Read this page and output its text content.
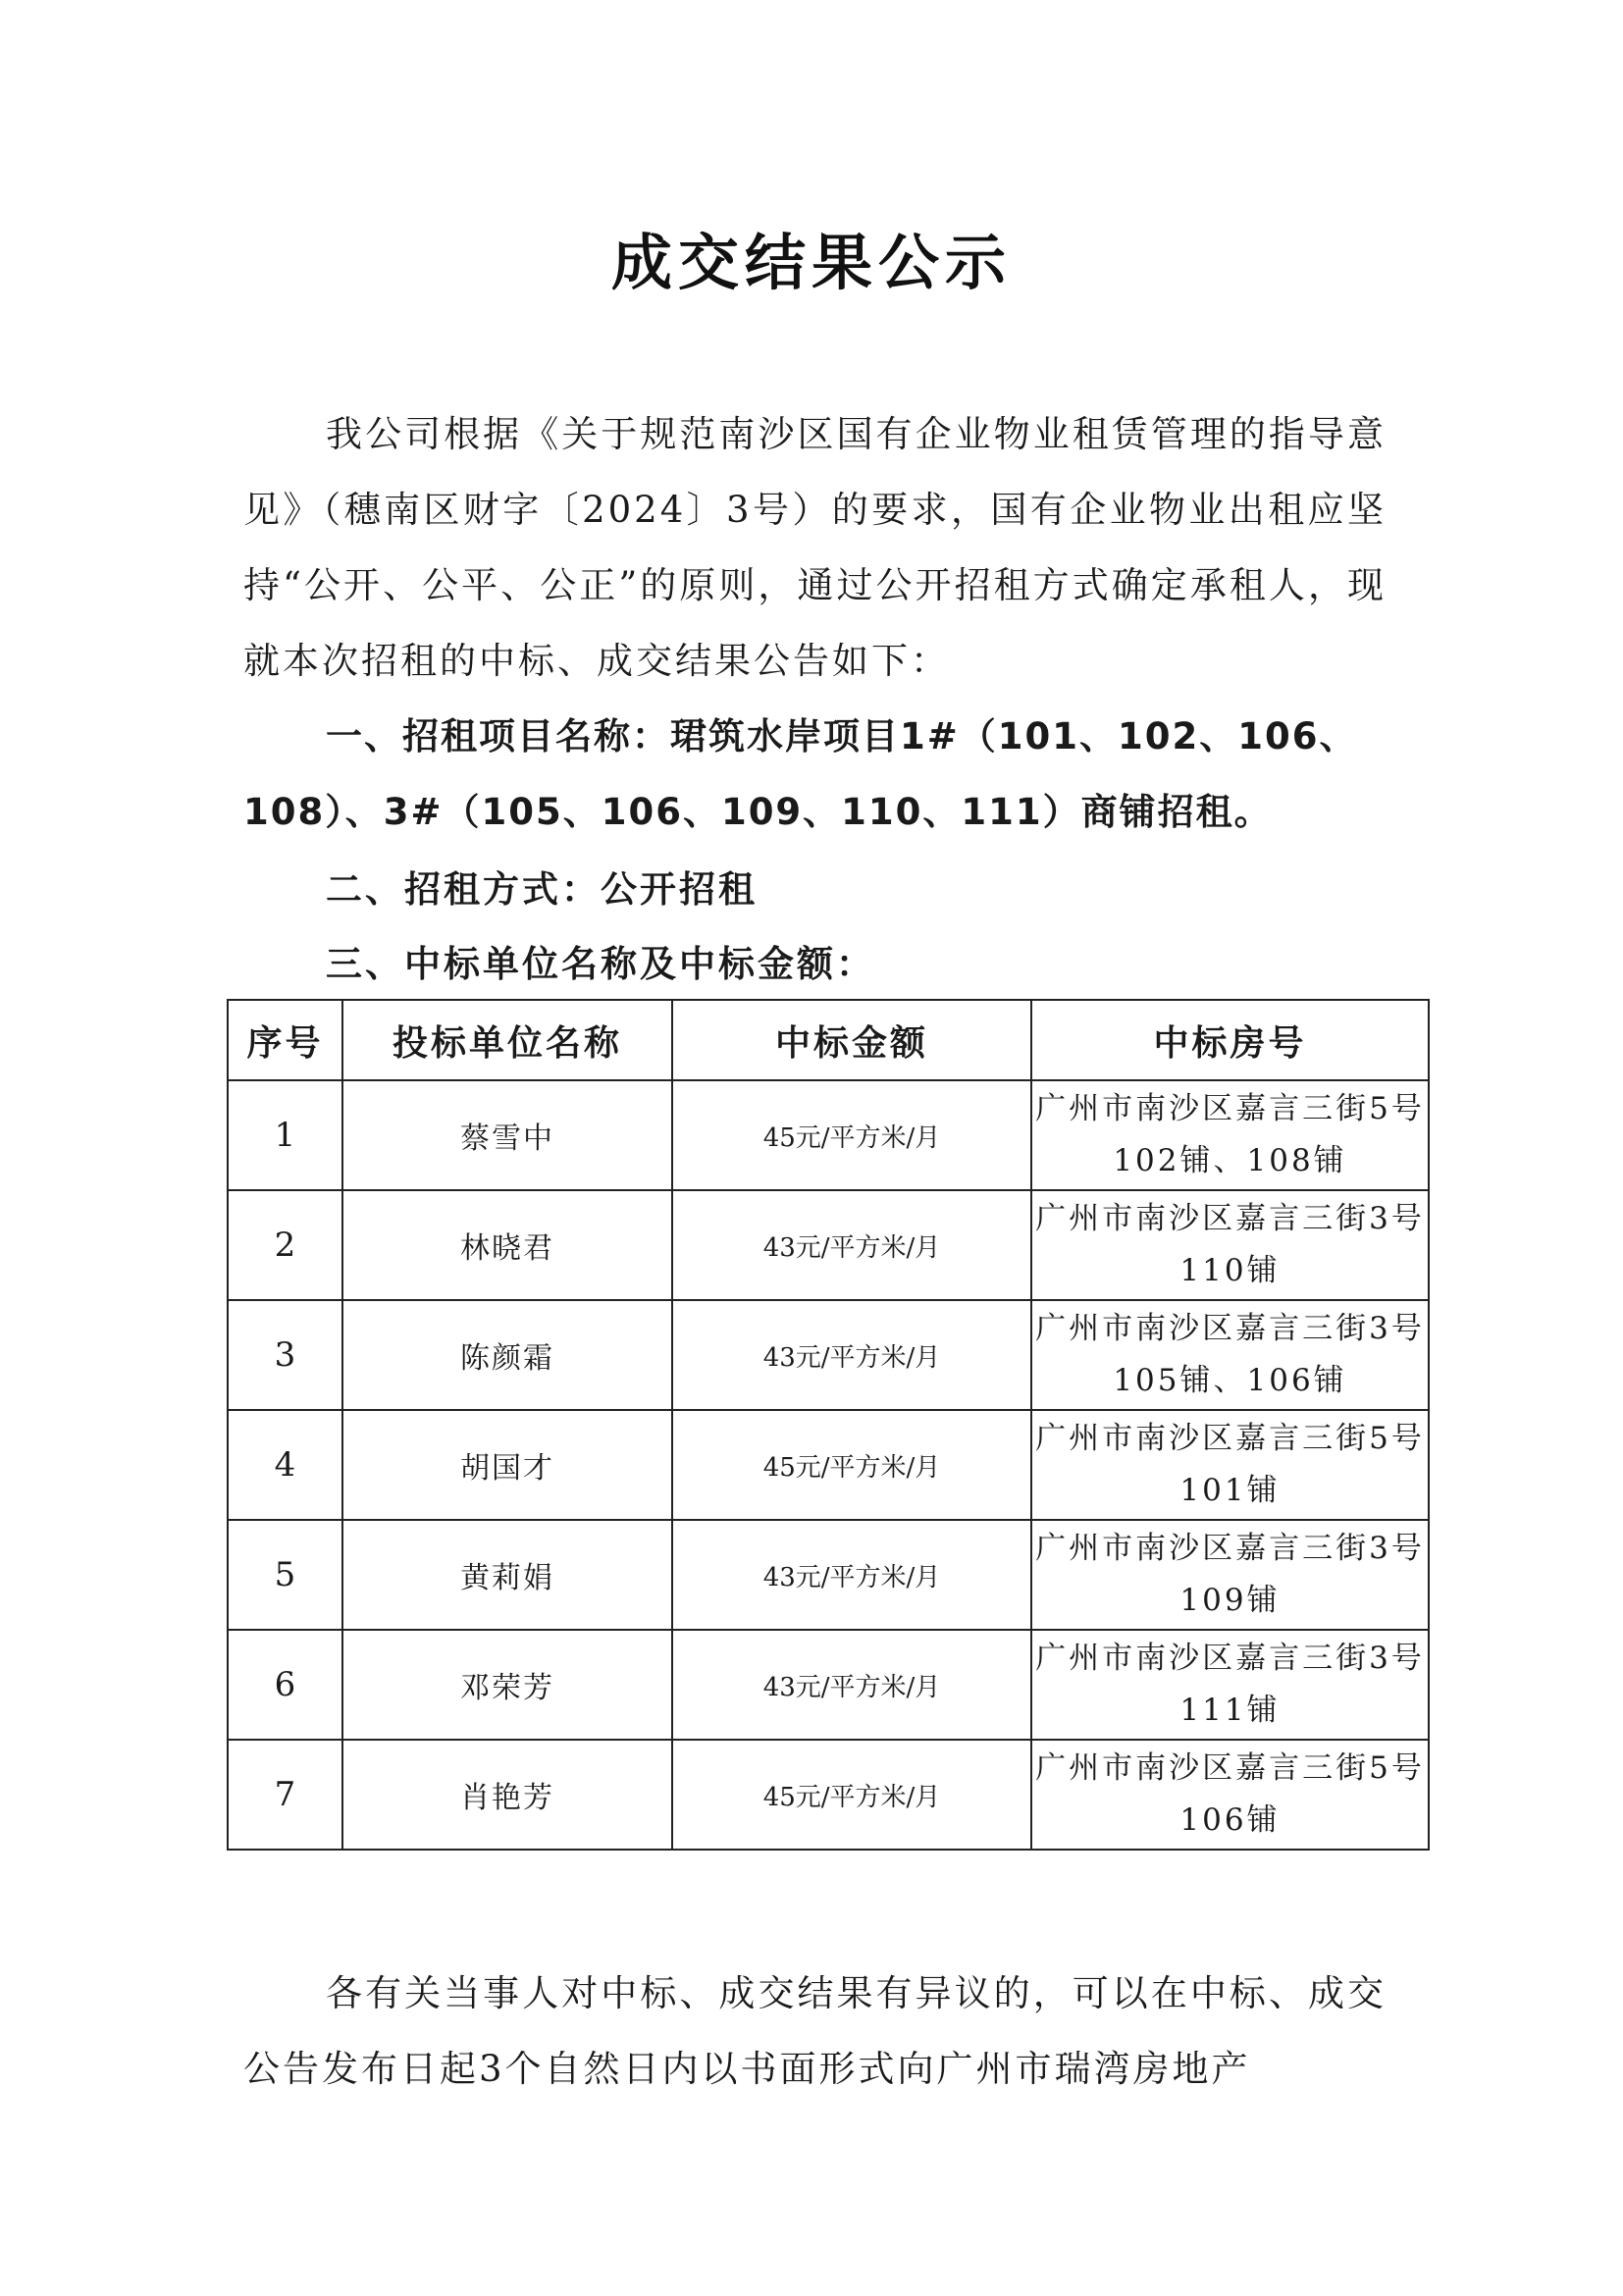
成交结果公示
我公司根据《关于规范南沙区国有企业物业租赁管理的指导意见》（穗南区财字〔2024〕3号）的要求，国有企业物业出租应坚持“公开、公平、公正”的原则，通过公开招租方式确定承租人，现就本次招租的中标、成交结果公告如下：
一、招租项目名称：珺筑水岸项目1#（101、102、106、108）、3#（105、106、109、110、111）商铺招租。
二、招租方式：公开招租
三、中标单位名称及中标金额：
序号	投标单位名称	中标金额	中标房号
1	蔡雪中	45元/平方米/月	广州市南沙区嘉言三街5号102铺、108铺
2	林晓君	43元/平方米/月	广州市南沙区嘉言三街3号110铺
3	陈颜霜	43元/平方米/月	广州市南沙区嘉言三街3号105铺、106铺
4	胡国才	45元/平方米/月	广州市南沙区嘉言三街5号101铺
5	黄莉娟	43元/平方米/月	广州市南沙区嘉言三街3号109铺
6	邓荣芳	43元/平方米/月	广州市南沙区嘉言三街3号111铺
7	肖艳芳	45元/平方米/月	广州市南沙区嘉言三街5号106铺
各有关当事人对中标、成交结果有异议的，可以在中标、成交公告发布日起3个自然日内以书面形式向广州市瑞湾房地产
